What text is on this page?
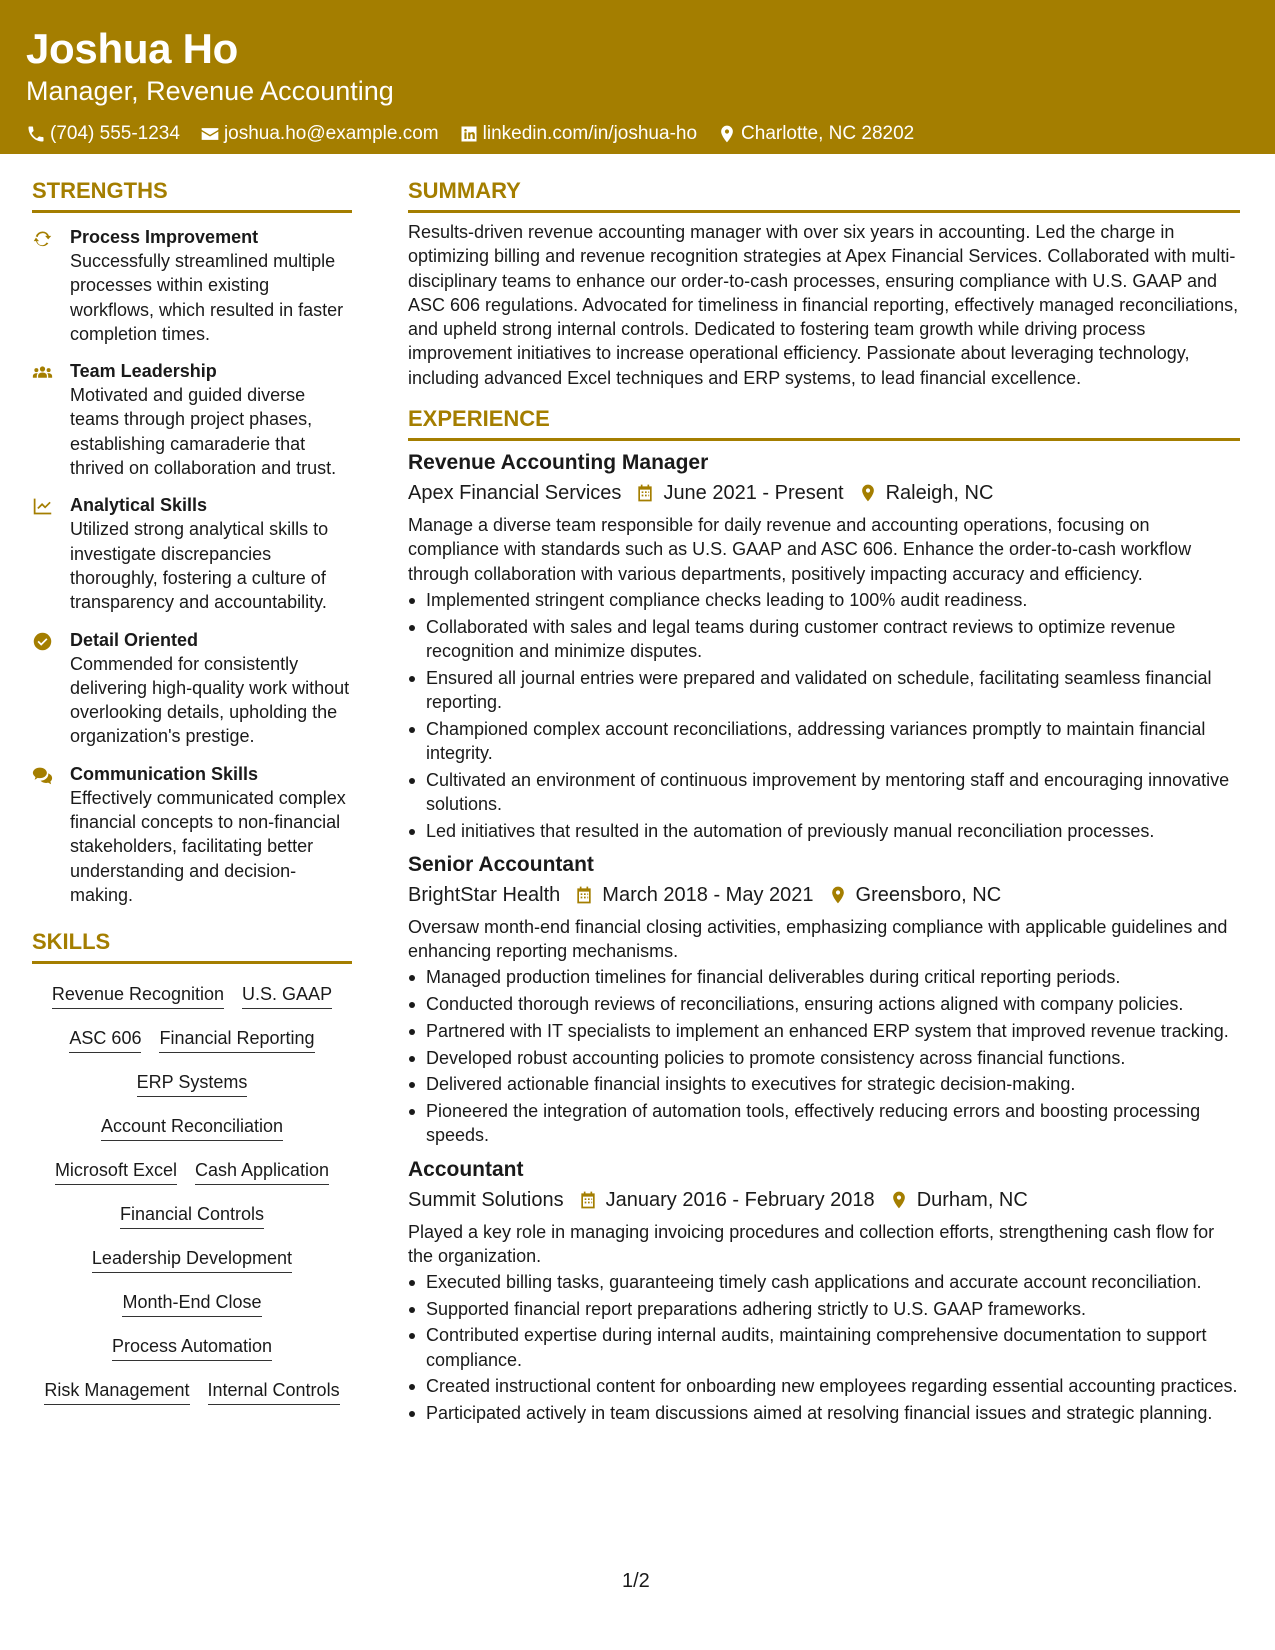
Joshua Ho
Manager, Revenue Accounting
(704) 555-1234 joshua.ho@example.com linkedin.com/in/joshua-ho Charlotte, NC 28202
STRENGTHS
Process Improvement
Successfully streamlined multiple processes within existing workflows, which resulted in faster completion times.
Team Leadership
Motivated and guided diverse teams through project phases, establishing camaraderie that thrived on collaboration and trust.
Analytical Skills
Utilized strong analytical skills to investigate discrepancies thoroughly, fostering a culture of transparency and accountability.
Detail Oriented
Commended for consistently delivering high-quality work without overlooking details, upholding the organization's prestige.
Communication Skills
Effectively communicated complex financial concepts to non-financial stakeholders, facilitating better understanding and decision-making.
SKILLS
Revenue Recognition U.S. GAAP
ASC 606 Financial Reporting
ERP Systems
Account Reconciliation
Microsoft Excel Cash Application
Financial Controls
Leadership Development
Month-End Close
Process Automation
Risk Management Internal Controls
SUMMARY
Results-driven revenue accounting manager with over six years in accounting. Led the charge in optimizing billing and revenue recognition strategies at Apex Financial Services. Collaborated with multi-disciplinary teams to enhance our order-to-cash processes, ensuring compliance with U.S. GAAP and ASC 606 regulations. Advocated for timeliness in financial reporting, effectively managed reconciliations, and upheld strong internal controls. Dedicated to fostering team growth while driving process improvement initiatives to increase operational efficiency. Passionate about leveraging technology, including advanced Excel techniques and ERP systems, to lead financial excellence.
EXPERIENCE
Revenue Accounting Manager
Apex Financial Services June 2021 - Present Raleigh, NC
Manage a diverse team responsible for daily revenue and accounting operations, focusing on compliance with standards such as U.S. GAAP and ASC 606. Enhance the order-to-cash workflow through collaboration with various departments, positively impacting accuracy and efficiency.
Implemented stringent compliance checks leading to 100% audit readiness.
Collaborated with sales and legal teams during customer contract reviews to optimize revenue recognition and minimize disputes.
Ensured all journal entries were prepared and validated on schedule, facilitating seamless financial reporting.
Championed complex account reconciliations, addressing variances promptly to maintain financial integrity.
Cultivated an environment of continuous improvement by mentoring staff and encouraging innovative solutions.
Led initiatives that resulted in the automation of previously manual reconciliation processes.
Senior Accountant
BrightStar Health March 2018 - May 2021 Greensboro, NC
Oversaw month-end financial closing activities, emphasizing compliance with applicable guidelines and enhancing reporting mechanisms.
Managed production timelines for financial deliverables during critical reporting periods.
Conducted thorough reviews of reconciliations, ensuring actions aligned with company policies.
Partnered with IT specialists to implement an enhanced ERP system that improved revenue tracking.
Developed robust accounting policies to promote consistency across financial functions.
Delivered actionable financial insights to executives for strategic decision-making.
Pioneered the integration of automation tools, effectively reducing errors and boosting processing speeds.
Accountant
Summit Solutions January 2016 - February 2018 Durham, NC
Played a key role in managing invoicing procedures and collection efforts, strengthening cash flow for the organization.
Executed billing tasks, guaranteeing timely cash applications and accurate account reconciliation.
Supported financial report preparations adhering strictly to U.S. GAAP frameworks.
Contributed expertise during internal audits, maintaining comprehensive documentation to support compliance.
Created instructional content for onboarding new employees regarding essential accounting practices.
Participated actively in team discussions aimed at resolving financial issues and strategic planning.
1/2
